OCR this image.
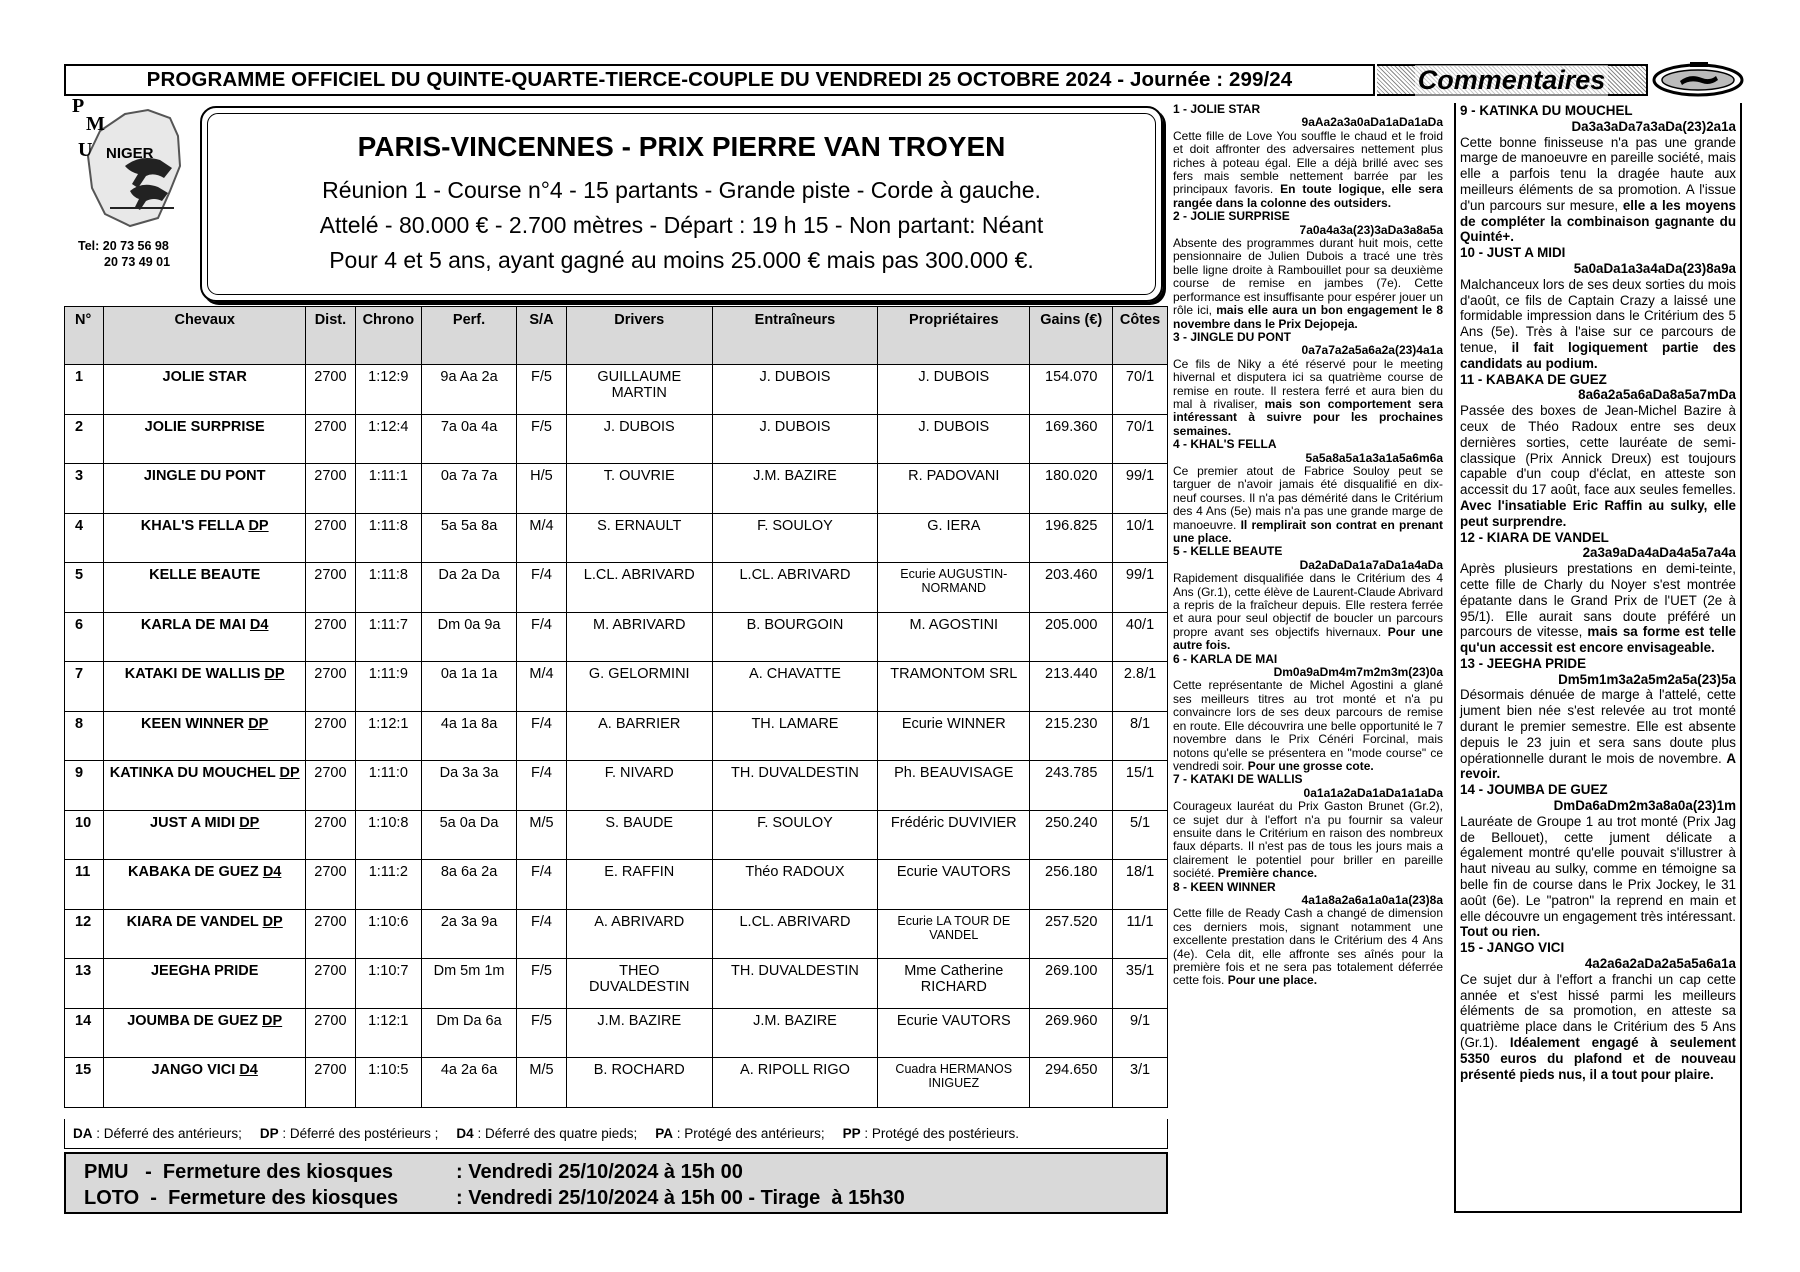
PROGRAMME OFFICIEL DU QUINTE-QUARTE-TIERCE-COUPLE DU VENDREDI 25 OCTOBRE 2024 - Journée : 299/24	Commentaires
P
M
U NIGER
Tel: 20 73 56 98
20 73 49 01
PARIS-VINCENNES - PRIX PIERRE VAN TROYEN
Réunion 1 - Course n°4 - 15 partants - Grande piste - Corde à gauche.
Attelé - 80.000 € - 2.700 mètres - Départ : 19 h 15 - Non partant: Néant
Pour 4 et 5 ans, ayant gagné au moins 25.000 € mais pas 300.000 €.
N°	Chevaux	Dist.	Chrono	Perf.	S/A	Drivers	Entraîneurs	Propriétaires	Gains (€)	Côtes
1	JOLIE STAR	2700	1:12:9	9a Aa 2a	F/5	GUILLAUME MARTIN	J. DUBOIS	J. DUBOIS	154.070	70/1
2	JOLIE SURPRISE	2700	1:12:4	7a 0a 4a	F/5	J. DUBOIS	J. DUBOIS	J. DUBOIS	169.360	70/1
3	JINGLE DU PONT	2700	1:11:1	0a 7a 7a	H/5	T. OUVRIE	J.M. BAZIRE	R. PADOVANI	180.020	99/1
4	KHAL'S FELLA DP	2700	1:11:8	5a 5a 8a	M/4	S. ERNAULT	F. SOULOY	G. IERA	196.825	10/1
5	KELLE BEAUTE	2700	1:11:8	Da 2a Da	F/4	L.CL. ABRIVARD	L.CL. ABRIVARD	Ecurie AUGUSTIN-NORMAND	203.460	99/1
6	KARLA DE MAI D4	2700	1:11:7	Dm 0a 9a	F/4	M. ABRIVARD	B. BOURGOIN	M. AGOSTINI	205.000	40/1
7	KATAKI DE WALLIS DP	2700	1:11:9	0a 1a 1a	M/4	G. GELORMINI	A. CHAVATTE	TRAMONTOM SRL	213.440	2.8/1
8	KEEN WINNER DP	2700	1:12:1	4a 1a 8a	F/4	A. BARRIER	TH. LAMARE	Ecurie WINNER	215.230	8/1
9	KATINKA DU MOUCHEL DP	2700	1:11:0	Da 3a 3a	F/4	F. NIVARD	TH. DUVALDESTIN	Ph. BEAUVISAGE	243.785	15/1
10	JUST A MIDI DP	2700	1:10:8	5a 0a Da	M/5	S. BAUDE	F. SOULOY	Frédéric DUVIVIER	250.240	5/1
11	KABAKA DE GUEZ D4	2700	1:11:2	8a 6a 2a	F/4	E. RAFFIN	Théo RADOUX	Ecurie VAUTORS	256.180	18/1
12	KIARA DE VANDEL DP	2700	1:10:6	2a 3a 9a	F/4	A. ABRIVARD	L.CL. ABRIVARD	Ecurie LA TOUR DE VANDEL	257.520	11/1
13	JEEGHA PRIDE	2700	1:10:7	Dm 5m 1m	F/5	THEO DUVALDESTIN	TH. DUVALDESTIN	Mme Catherine RICHARD	269.100	35/1
14	JOUMBA DE GUEZ DP	2700	1:12:1	Dm Da 6a	F/5	J.M. BAZIRE	J.M. BAZIRE	Ecurie VAUTORS	269.960	9/1
15	JANGO VICI D4	2700	1:10:5	4a 2a 6a	M/5	B. ROCHARD	A. RIPOLL RIGO	Cuadra HERMANOS INIGUEZ	294.650	3/1
DA : Déferré des antérieurs; DP : Déferré des postérieurs ; D4 : Déferré des quatre pieds; PA : Protégé des antérieurs; PP : Protégé des postérieurs.
PMU   -  Fermeture des kiosques	: Vendredi 25/10/2024 à 15h 00
LOTO  -  Fermeture des kiosques	: Vendredi 25/10/2024 à 15h 00 - Tirage  à 15h30
1 - JOLIE STAR
9aAa2a3a0aDa1aDa1aDa
Cette fille de Love You souffle le chaud et le froid et doit affronter des adversaires nettement plus riches à poteau égal. Elle a déjà brillé avec ses fers mais semble nettement barrée par les principaux favoris. En toute logique, elle sera rangée dans la colonne des outsiders.
2 - JOLIE SURPRISE
7a0a4a3a(23)3aDa3a8a5a
Absente des programmes durant huit mois, cette pensionnaire de Julien Dubois a tracé une très belle ligne droite à Rambouillet pour sa deuxième course de remise en jambes (7e). Cette performance est insuffisante pour espérer jouer un rôle ici, mais elle aura un bon engagement le 8 novembre dans le Prix Dejopeja.
3 - JINGLE DU PONT
0a7a7a2a5a6a2a(23)4a1a
Ce fils de Niky a été réservé pour le meeting hivernal et disputera ici sa quatrième course de remise en route. Il restera ferré et aura bien du mal à rivaliser, mais son comportement sera intéressant à suivre pour les prochaines semaines.
4 - KHAL'S FELLA
5a5a8a5a1a3a1a5a6m6a
Ce premier atout de Fabrice Souloy peut se targuer de n'avoir jamais été disqualifié en dix-neuf courses. Il n'a pas démérité dans le Critérium des 4 Ans (5e) mais n'a pas une grande marge de manoeuvre. Il remplirait son contrat en prenant une place.
5 - KELLE BEAUTE
Da2aDaDa1a7aDa1a4aDa
Rapidement disqualifiée dans le Critérium des 4 Ans (Gr.1), cette élève de Laurent-Claude Abrivard a repris de la fraîcheur depuis. Elle restera ferrée et aura pour seul objectif de boucler un parcours propre avant ses objectifs hivernaux. Pour une autre fois.
6 - KARLA DE MAI
Dm0a9aDm4m7m2m3m(23)0a
Cette représentante de Michel Agostini a glané ses meilleurs titres au trot monté et n'a pu convaincre lors de ses deux parcours de remise en route. Elle découvrira une belle opportunité le 7 novembre dans le Prix Cénéri Forcinal, mais notons qu'elle se présentera en "mode course" ce vendredi soir. Pour une grosse cote.
7 - KATAKI DE WALLIS
0a1a1a2aDa1aDa1a1aDa
Courageux lauréat du Prix Gaston Brunet (Gr.2), ce sujet dur à l'effort n'a pu fournir sa valeur ensuite dans le Critérium en raison des nombreux faux départs. Il n'est pas de tous les jours mais a clairement le potentiel pour briller en pareille société. Première chance.
8 - KEEN WINNER
4a1a8a2a6a1a0a1a(23)8a
Cette fille de Ready Cash a changé de dimension ces derniers mois, signant notamment une excellente prestation dans le Critérium des 4 Ans (4e). Cela dit, elle affronte ses aînés pour la première fois et ne sera pas totalement déferrée cette fois. Pour une place.
9 - KATINKA DU MOUCHEL
Da3a3aDa7a3aDa(23)2a1a
Cette bonne finisseuse n'a pas une grande marge de manoeuvre en pareille société, mais elle a parfois tenu la dragée haute aux meilleurs éléments de sa promotion. A l'issue d'un parcours sur mesure, elle a les moyens de compléter la combinaison gagnante du Quinté+.
10 - JUST A MIDI
5a0aDa1a3a4aDa(23)8a9a
Malchanceux lors de ses deux sorties du mois d'août, ce fils de Captain Crazy a laissé une formidable impression dans le Critérium des 5 Ans (5e). Très à l'aise sur ce parcours de tenue, il fait logiquement partie des candidats au podium.
11 - KABAKA DE GUEZ
8a6a2a5a6aDa8a5a7mDa
Passée des boxes de Jean-Michel Bazire à ceux de Théo Radoux entre ses deux dernières sorties, cette lauréate de semi-classique (Prix Annick Dreux) est toujours capable d'un coup d'éclat, en atteste son accessit du 17 août, face aux seules femelles. Avec l'insatiable Eric Raffin au sulky, elle peut surprendre.
12 - KIARA DE VANDEL
2a3a9aDa4aDa4a5a7a4a
Après plusieurs prestations en demi-teinte, cette fille de Charly du Noyer s'est montrée épatante dans le Grand Prix de l'UET (2e à 95/1). Elle aurait sans doute préféré un parcours de vitesse, mais sa forme est telle qu'un accessit est encore envisageable.
13 - JEEGHA PRIDE
Dm5m1m3a2a5m2a5a(23)5a
Désormais dénuée de marge à l'attelé, cette jument bien née s'est relevée au trot monté durant le premier semestre. Elle est absente depuis le 23 juin et sera sans doute plus opérationnelle durant le mois de novembre. A revoir.
14 - JOUMBA DE GUEZ
DmDa6aDm2m3a8a0a(23)1m
Lauréate de Groupe 1 au trot monté (Prix Jag de Bellouet), cette jument délicate a également montré qu'elle pouvait s'illustrer à haut niveau au sulky, comme en témoigne sa belle fin de course dans le Prix Jockey, le 31 août (6e). Le "patron" la reprend en main et elle découvre un engagement très intéressant. Tout ou rien.
15 - JANGO VICI
4a2a6a2aDa2a5a5a6a1a
Ce sujet dur à l'effort a franchi un cap cette année et s'est hissé parmi les meilleurs éléments de sa promotion, en atteste sa quatrième place dans le Critérium des 5 Ans (Gr.1). Idéalement engagé à seulement 5350 euros du plafond et de nouveau présenté pieds nus, il a tout pour plaire.
